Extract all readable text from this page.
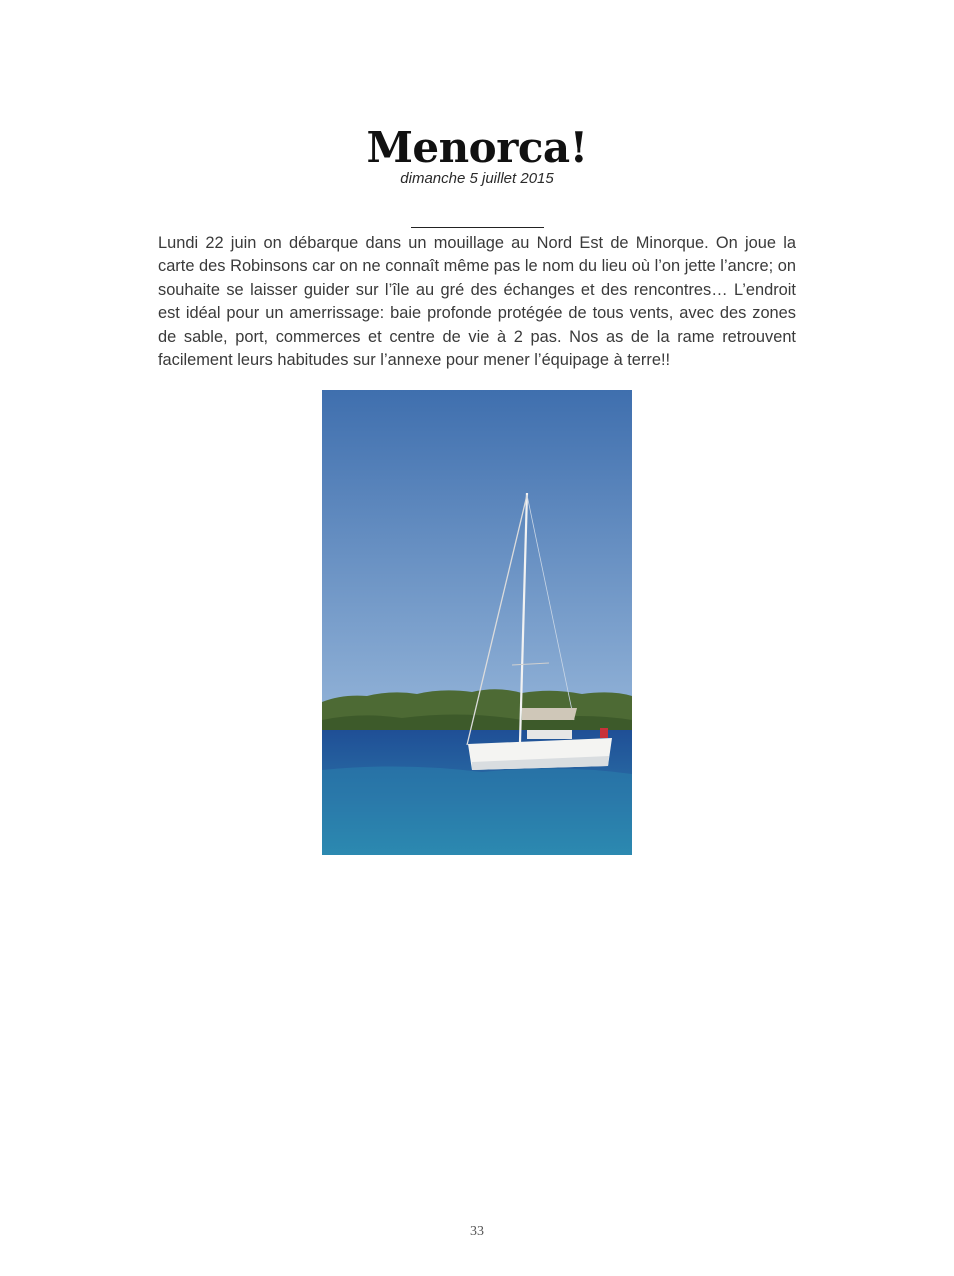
Menorca!
dimanche 5 juillet 2015

Lundi 22 juin on débarque dans un mouillage au Nord Est de Minorque. On joue la carte des Robinsons car on ne connaît même pas le nom du lieu où l’on jette l’ancre; on souhaite se laisser guider sur l’île au gré des échanges et des rencontres… L’endroit est idéal pour un amerrissage: baie profonde protégée de tous vents, avec des zones de sable, port, commerces et centre de vie à 2 pas. Nos as de la rame retrouvent facilement leurs habitudes sur l’annexe pour mener l’équipage à terre!!

33
